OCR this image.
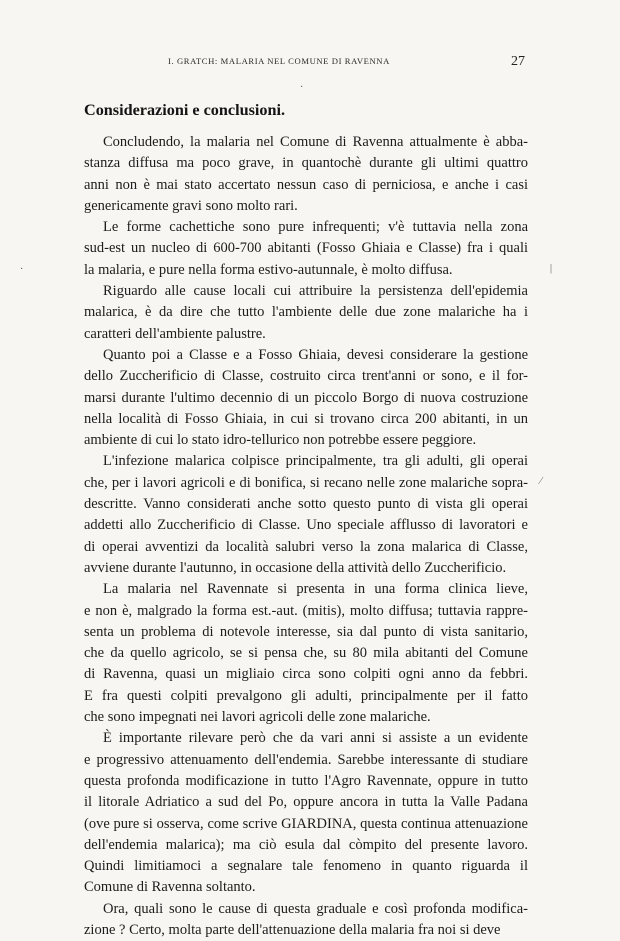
I. GRATCH: MALARIA NEL COMUNE DI RAVENNA	27
Considerazioni e conclusioni.
Concludendo, la malaria nel Comune di Ravenna attualmente è abba-
stanza diffusa ma poco grave, in quantochè durante gli ultimi quattro
anni non è mai stato accertato nessun caso di perniciosa, e anche i casi
genericamente gravi sono molto rari.
Le forme cachettiche sono pure infrequenti; v'è tuttavia nella zona
sud-est un nucleo di 600-700 abitanti (Fosso Ghiaia e Classe) fra i quali
la malaria, e pure nella forma estivo-autunnale, è molto diffusa.
Riguardo alle cause locali cui attribuire la persistenza dell'epidemia
malarica, è da dire che tutto l'ambiente delle due zone malariche ha i
caratteri dell'ambiente palustre.
Quanto poi a Classe e a Fosso Ghiaia, devesi considerare la gestione
dello Zuccherificio di Classe, costruito circa trent'anni or sono, e il for-
marsi durante l'ultimo decennio di un piccolo Borgo di nuova costruzione
nella località di Fosso Ghiaia, in cui si trovano circa 200 abitanti, in un
ambiente di cui lo stato idro-tellurico non potrebbe essere peggiore.
L'infezione malarica colpisce principalmente, tra gli adulti, gli operai
che, per i lavori agricoli e di bonifica, si recano nelle zone malariche sopra-
descritte. Vanno considerati anche sotto questo punto di vista gli operai
addetti allo Zuccherificio di Classe. Uno speciale afflusso di lavoratori e
di operai avventizi da località salubri verso la zona malarica di Classe,
avviene durante l'autunno, in occasione della attività dello Zuccherificio.
La malaria nel Ravennate si presenta in una forma clinica lieve,
e non è, malgrado la forma est.-aut. (mitis), molto diffusa; tuttavia rappre-
senta un problema di notevole interesse, sia dal punto di vista sanitario,
che da quello agricolo, se si pensa che, su 80 mila abitanti del Comune
di Ravenna, quasi un migliaio circa sono colpiti ogni anno da febbri.
E fra questi colpiti prevalgono gli adulti, principalmente per il fatto
che sono impegnati nei lavori agricoli delle zone malariche.
È importante rilevare però che da vari anni si assiste a un evidente
e progressivo attenuamento dell'endemia. Sarebbe interessante di studiare
questa profonda modificazione in tutto l'Agro Ravennate, oppure in tutto
il litorale Adriatico a sud del Po, oppure ancora in tutta la Valle Padana
(ove pure si osserva, come scrive GIARDINA, questa continua attenuazione
dell'endemia malarica); ma ciò esula dal còmpito del presente lavoro.
Quindi limitiamoci a segnalare tale fenomeno in quanto riguarda il
Comune di Ravenna soltanto.
Ora, quali sono le cause di questa graduale e così profonda modifica-
zione ? Certo, molta parte dell'attenuazione della malaria fra noi si deve
·
·	|
⁄
